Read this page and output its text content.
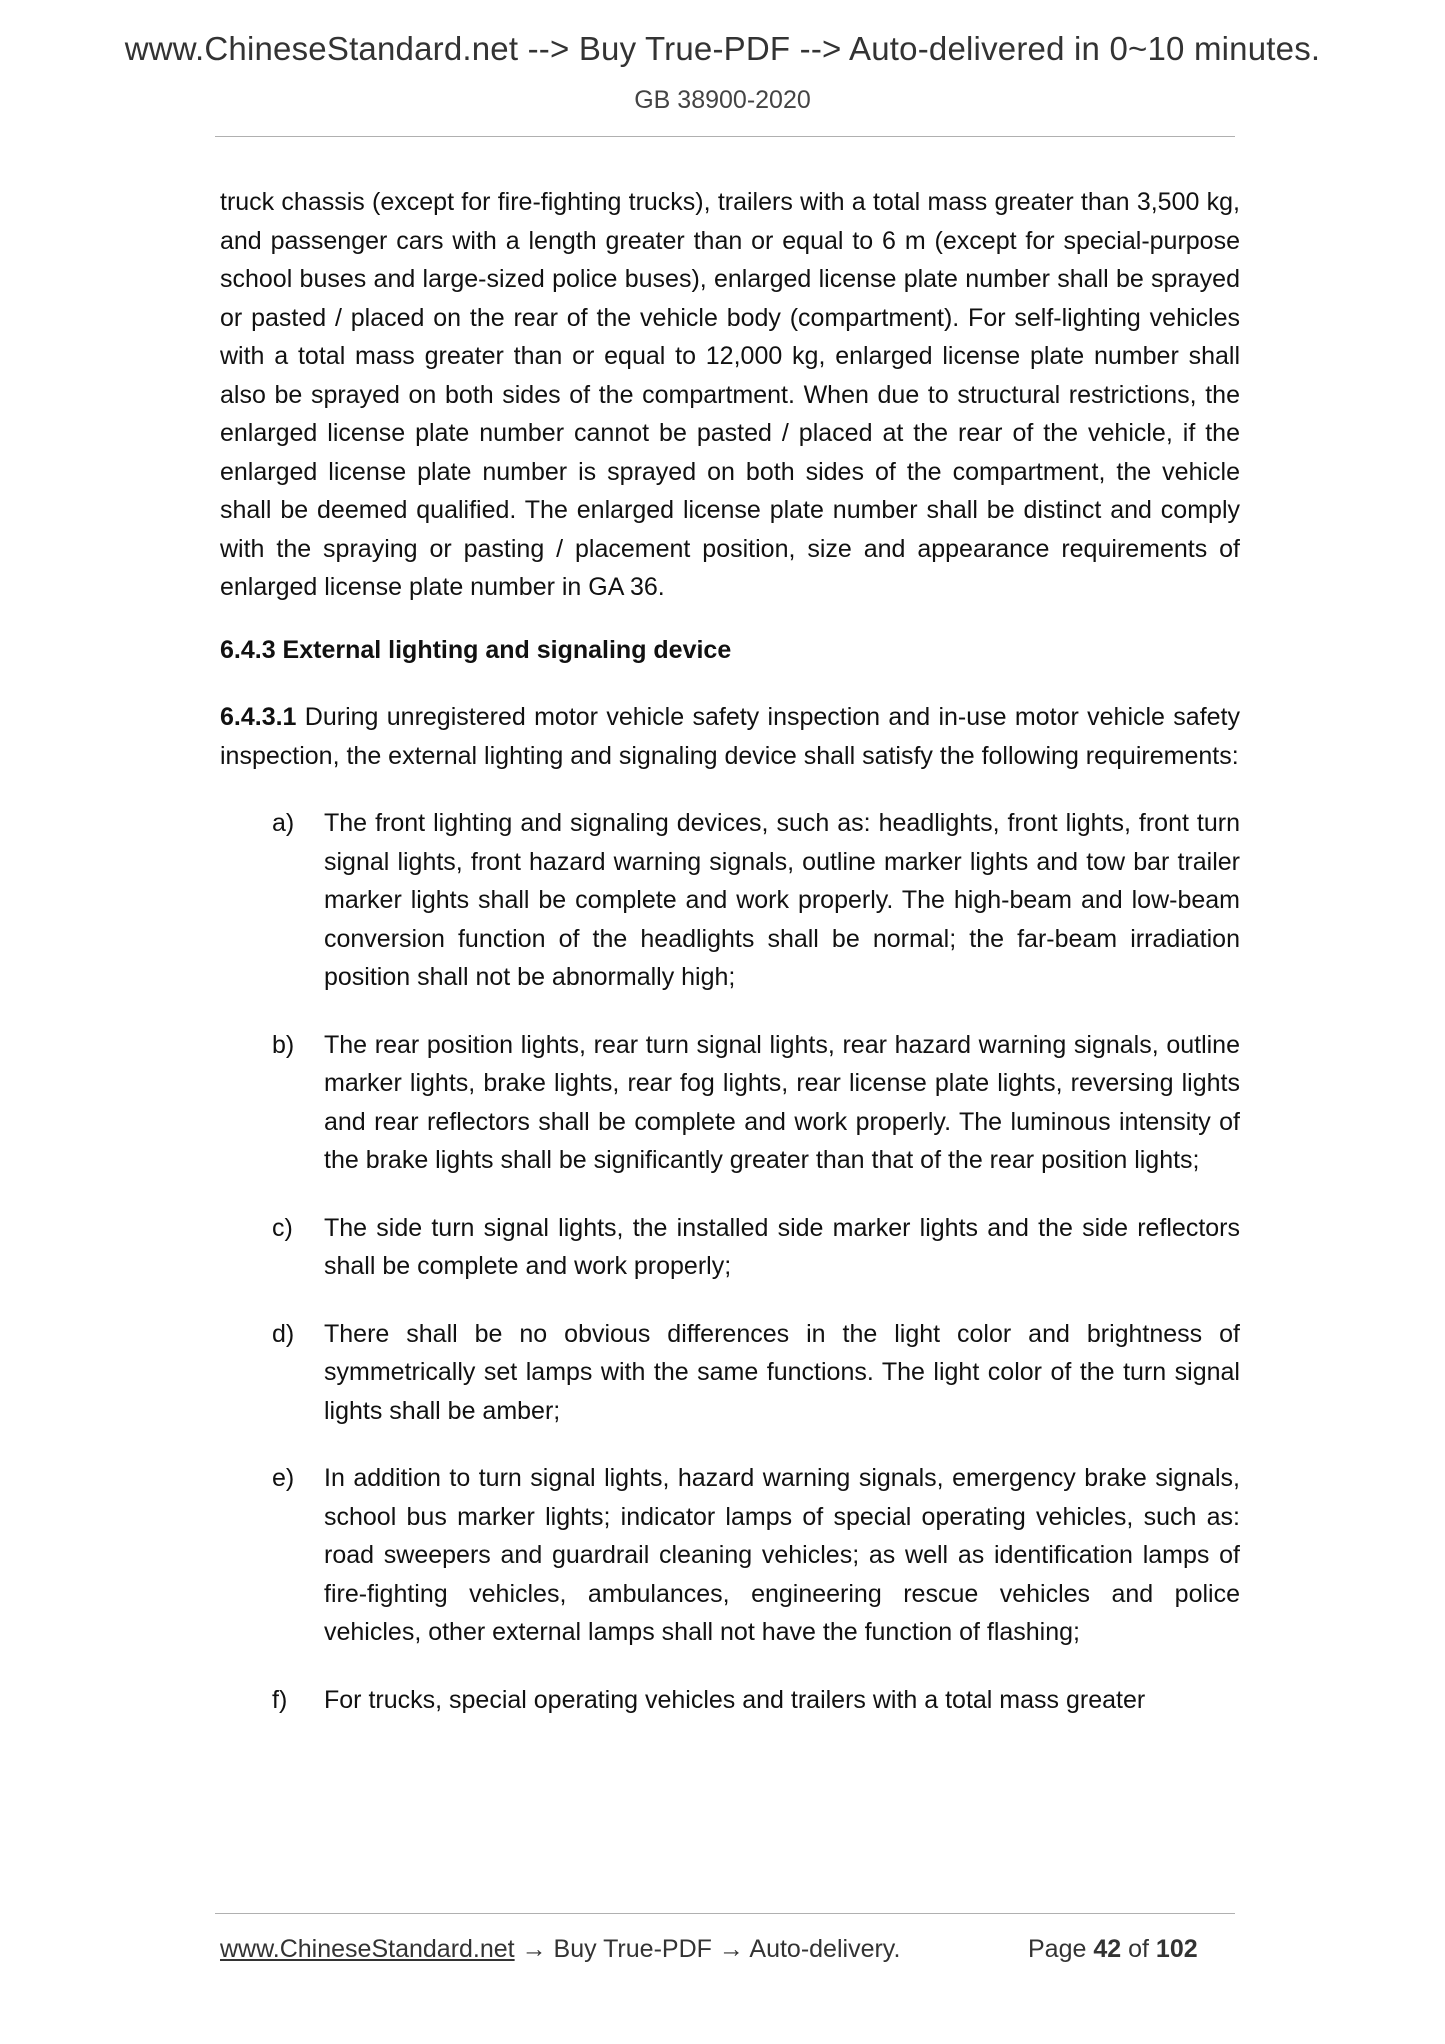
www.ChineseStandard.net --> Buy True-PDF --> Auto-delivered in 0~10 minutes.
GB 38900-2020

truck chassis (except for fire-fighting trucks), trailers with a total mass greater than 3,500 kg, and passenger cars with a length greater than or equal to 6 m (except for special-purpose school buses and large-sized police buses), enlarged license plate number shall be sprayed or pasted / placed on the rear of the vehicle body (compartment). For self-lighting vehicles with a total mass greater than or equal to 12,000 kg, enlarged license plate number shall also be sprayed on both sides of the compartment. When due to structural restrictions, the enlarged license plate number cannot be pasted / placed at the rear of the vehicle, if the enlarged license plate number is sprayed on both sides of the compartment, the vehicle shall be deemed qualified. The enlarged license plate number shall be distinct and comply with the spraying or pasting / placement position, size and appearance requirements of enlarged license plate number in GA 36.

6.4.3 External lighting and signaling device

6.4.3.1 During unregistered motor vehicle safety inspection and in-use motor vehicle safety inspection, the external lighting and signaling device shall satisfy the following requirements:

a) The front lighting and signaling devices, such as: headlights, front lights, front turn signal lights, front hazard warning signals, outline marker lights and tow bar trailer marker lights shall be complete and work properly. The high-beam and low-beam conversion function of the headlights shall be normal; the far-beam irradiation position shall not be abnormally high;
b) The rear position lights, rear turn signal lights, rear hazard warning signals, outline marker lights, brake lights, rear fog lights, rear license plate lights, reversing lights and rear reflectors shall be complete and work properly. The luminous intensity of the brake lights shall be significantly greater than that of the rear position lights;
c) The side turn signal lights, the installed side marker lights and the side reflectors shall be complete and work properly;
d) There shall be no obvious differences in the light color and brightness of symmetrically set lamps with the same functions. The light color of the turn signal lights shall be amber;
e) In addition to turn signal lights, hazard warning signals, emergency brake signals, school bus marker lights; indicator lamps of special operating vehicles, such as: road sweepers and guardrail cleaning vehicles; as well as identification lamps of fire-fighting vehicles, ambulances, engineering rescue vehicles and police vehicles, other external lamps shall not have the function of flashing;
f) For trucks, special operating vehicles and trailers with a total mass greater
www.ChineseStandard.net → Buy True-PDF → Auto-delivery.	Page 42 of 102
